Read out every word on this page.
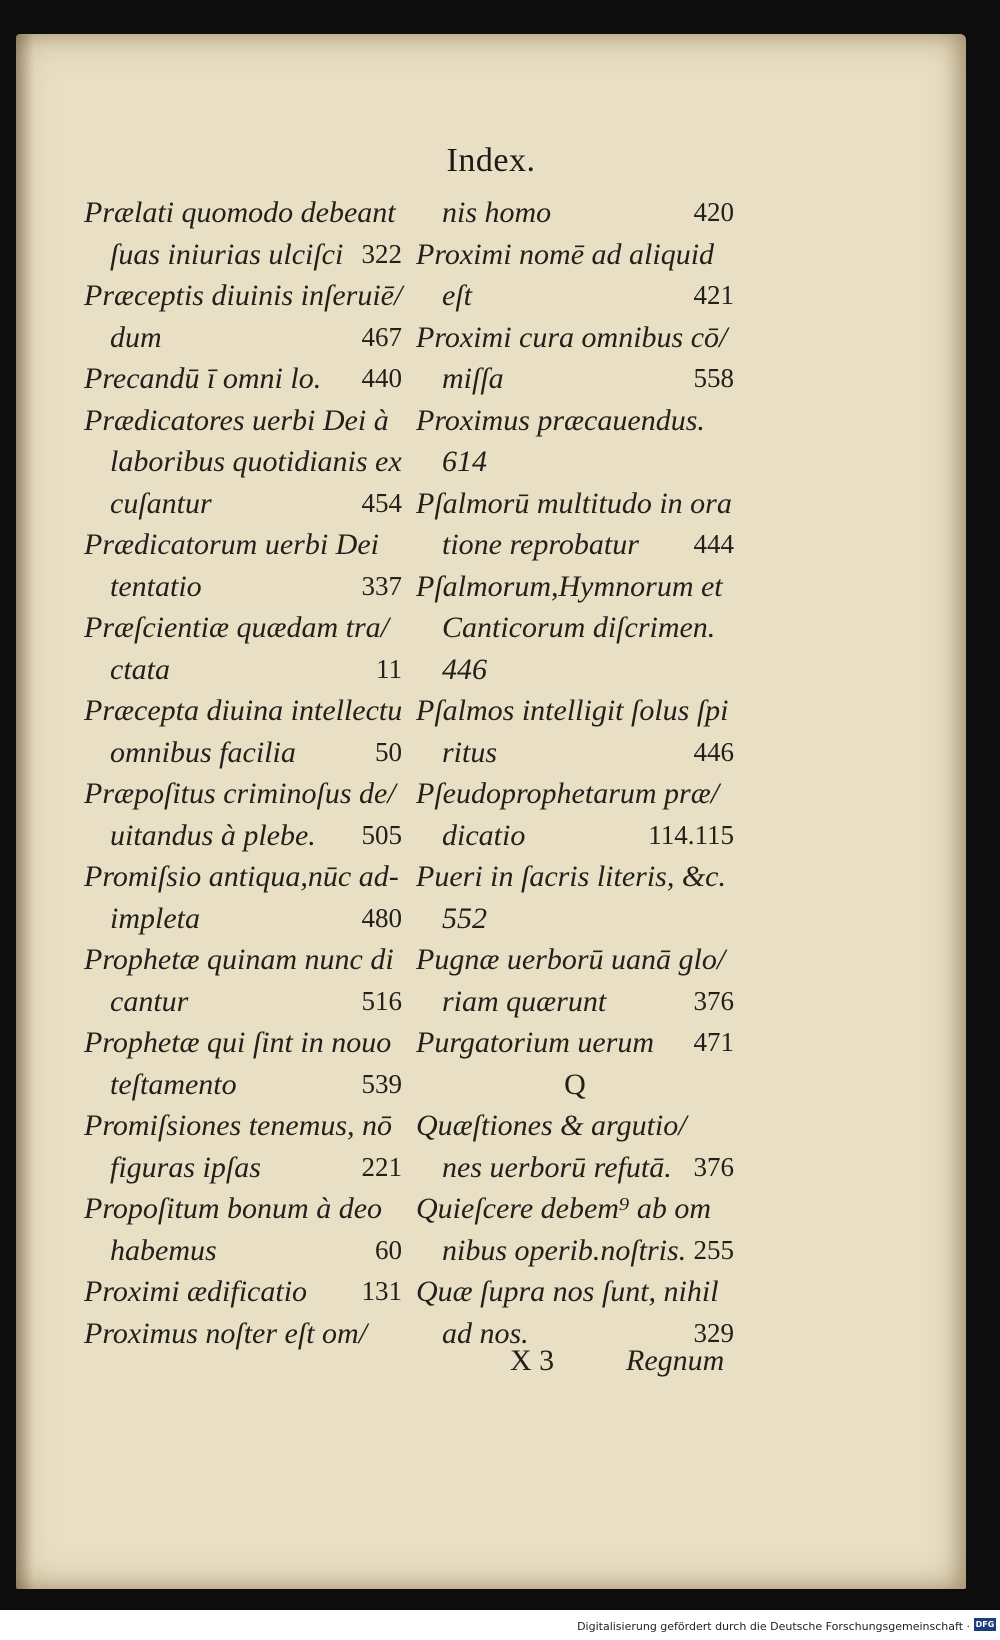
Index.
Prælati quomodo debeant
ſuas iniurias ulciſci 322
Præceptis diuinis inſeruiē/
dum	467
Precandū ī omni lo. 440
Prædicatores uerbi Dei à
laboribus quotidianis ex
cuſantur	454
Prædicatorum uerbi Dei
tentatio	337
Præſcientiæ quædam tra/
ctata	11
Præcepta diuina intellectu
omnibus facilia	50
Præpoſitus criminoſus de/
uitandus à plebe. 505
Promiſsio antiqua,nūc ad-
impleta	480
Prophetæ quinam nunc di
cantur	516
Prophetæ qui ſint in nouo
teſtamento	539
Promiſsiones tenemus, nō
figuras ipſas	221
Propoſitum bonum à deo
habemus	60
Proximi ædificatio 131
Proximus noſter eſt om/
nis homo	420
Proximi nomē ad aliquid
eſt	421
Proximi cura omnibus cō/
miſſa	558
Proximus præcauendus.
614
Pſalmorū multitudo in ora
tione reprobatur 444
Pſalmorum,Hymnorum et
Canticorum diſcrimen.
446
Pſalmos intelligit ſolus ſpi
ritus	446
Pſeudoprophetarum præ/
dicatio	114.115
Pueri in ſacris literis, &c.
552
Pugnæ uerborū uanā glo/
riam quærunt	376
Purgatorium uerum 471
Q
Quæſtiones & argutio/
nes uerborū refutā. 376
Quieſcere debem⁹ ab om
nibus operib.noſtris. 255
Quæ ſupra nos ſunt, nihil
ad nos.	329
X 3 Regnum
Digitalisierung gefördert durch die Deutsche Forschungsgemeinschaft · DFG
